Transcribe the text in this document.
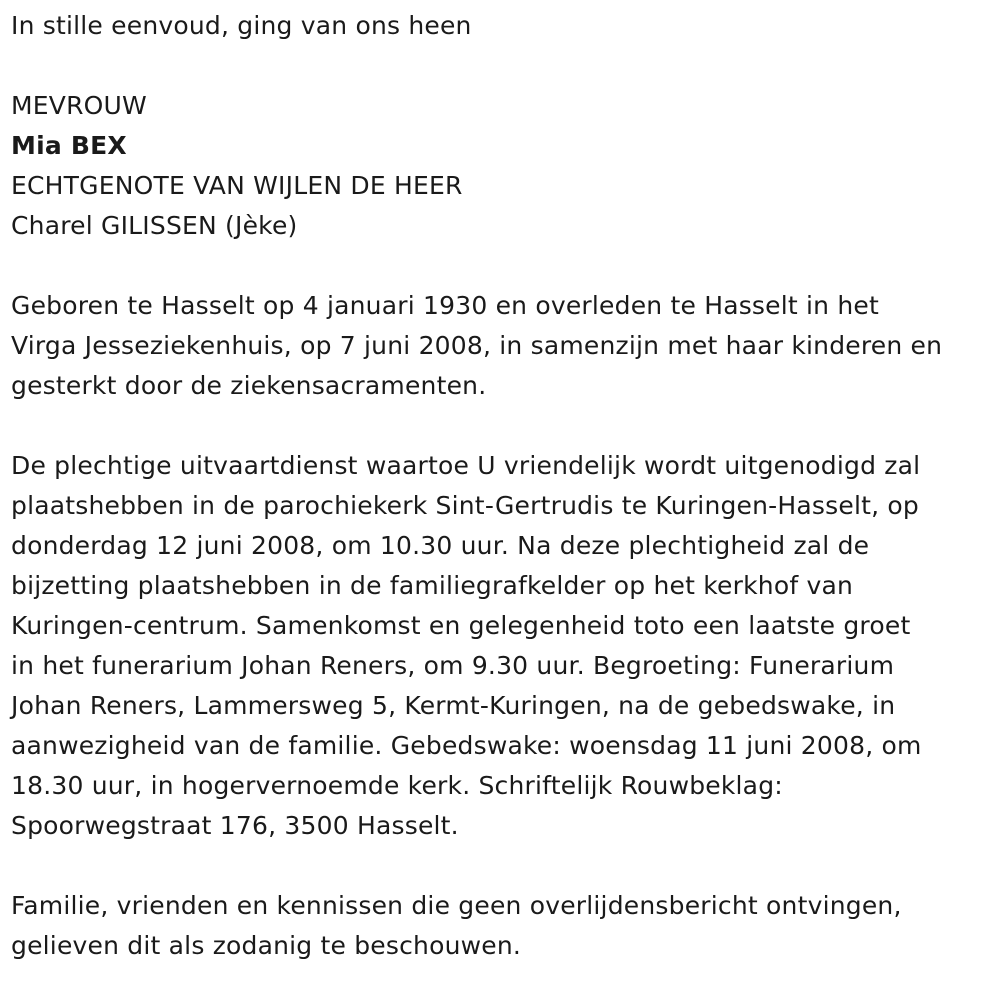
In stille eenvoud, ging van ons heen
MEVROUW
Mia BEX
ECHTGENOTE VAN WIJLEN DE HEER
Charel GILISSEN (Jèke)
Geboren te Hasselt op 4 januari 1930 en overleden te Hasselt in het
Virga Jesseziekenhuis, op 7 juni 2008, in samenzijn met haar kinderen en
gesterkt door de ziekensacramenten.
De plechtige uitvaartdienst waartoe U vriendelijk wordt uitgenodigd zal
plaatshebben in de parochiekerk Sint-Gertrudis te Kuringen-Hasselt, op
donderdag 12 juni 2008, om 10.30 uur. Na deze plechtigheid zal de
bijzetting plaatshebben in de familiegrafkelder op het kerkhof van
Kuringen-centrum. Samenkomst en gelegenheid toto een laatste groet
in het funerarium Johan Reners, om 9.30 uur. Begroeting: Funerarium
Johan Reners, Lammersweg 5, Kermt-Kuringen, na de gebedswake, in
aanwezigheid van de familie. Gebedswake: woensdag 11 juni 2008, om
18.30 uur, in hogervernoemde kerk. Schriftelijk Rouwbeklag:
Spoorwegstraat 176, 3500 Hasselt.
Familie, vrienden en kennissen die geen overlijdensbericht ontvingen,
gelieven dit als zodanig te beschouwen.
